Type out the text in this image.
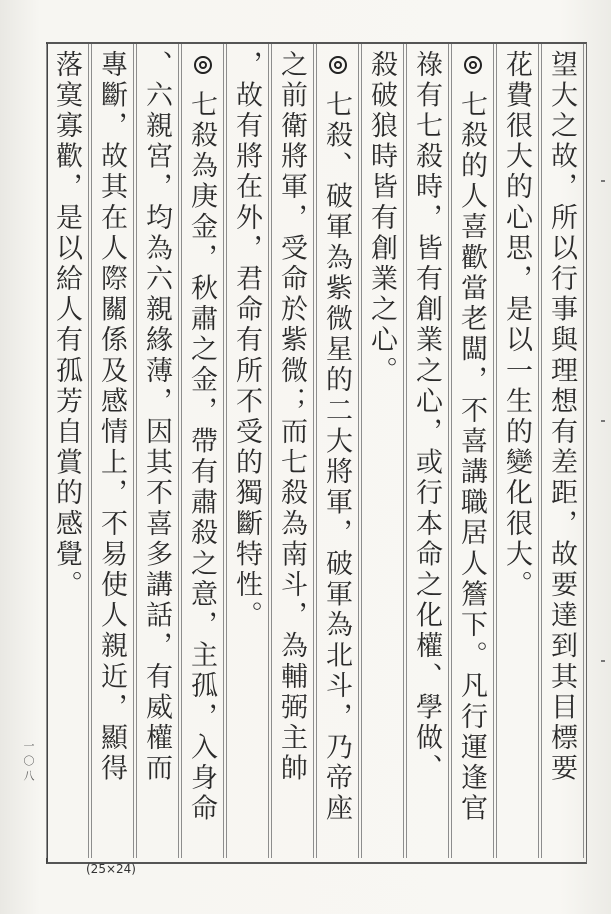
望大之故，所以行事與理想有差距，故要達到其目標要
花費很大的心思，是以一生的變化很大。
七殺的人喜歡當老闆，不喜講職居人簷下。凡行運逢官
祿有七殺時，皆有創業之心，或行本命之化權、學做、
殺破狼時皆有創業之心。
七殺、破軍為紫微星的二大將軍，破軍為北斗，乃帝座
之前衛將軍，受命於紫微；而七殺為南斗，為輔弼主帥
，故有將在外，君命有所不受的獨斷特性。
七殺為庚金，秋肅之金，帶有肅殺之意，主孤，入身命
、六親宮，均為六親緣薄，因其不喜多講話，有威權而
專斷，故其在人際關係及感情上，不易使人親近，顯得
落寞寡歡，是以給人有孤芳自賞的感覺。
一〇八
(25×24)
